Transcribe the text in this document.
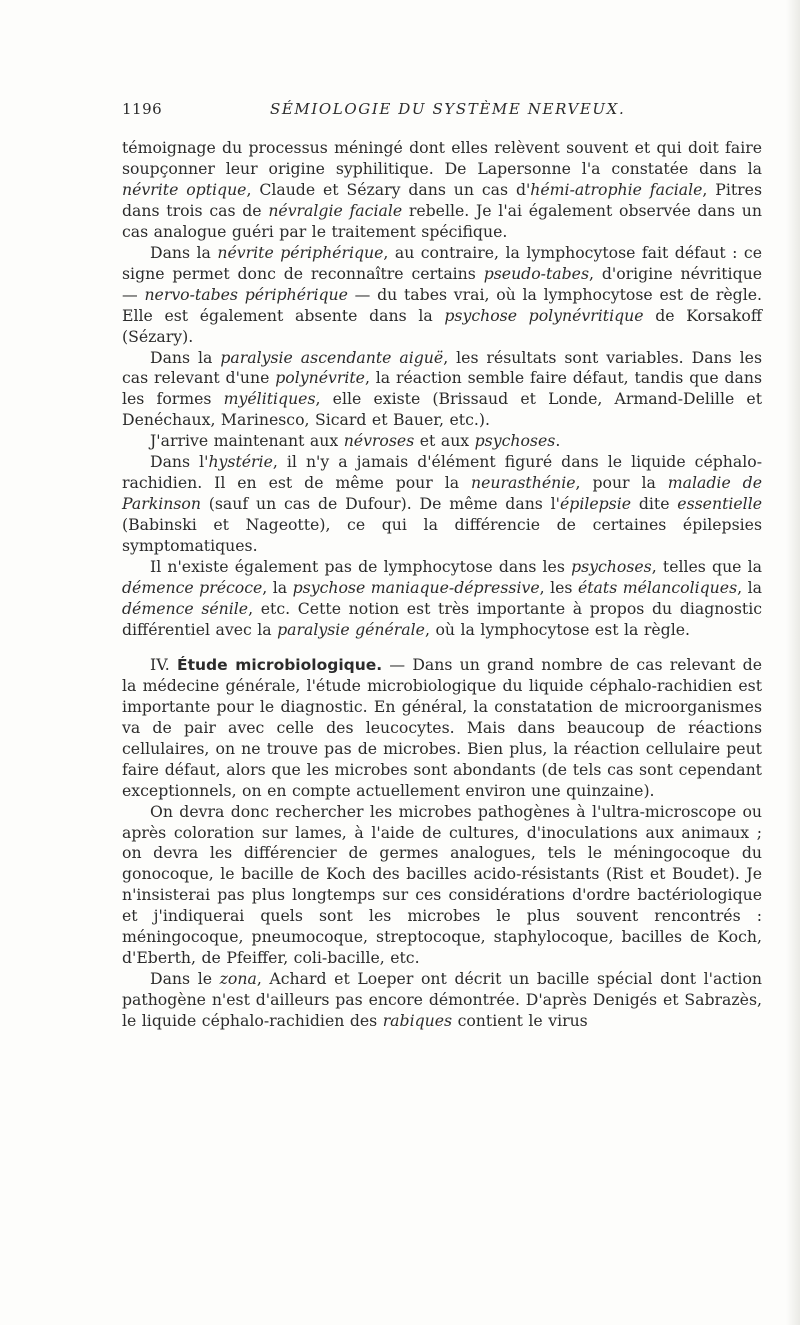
1196	SÉMIOLOGIE DU SYSTÈME NERVEUX.

témoignage du processus méningé dont elles relèvent souvent et qui doit faire soupçonner leur origine syphilitique. De Lapersonne l'a constatée dans la névrite optique, Claude et Sézary dans un cas d'hémi-atrophie faciale, Pitres dans trois cas de névralgie faciale rebelle. Je l'ai également observée dans un cas analogue guéri par le traitement spécifique.

Dans la névrite périphérique, au contraire, la lymphocytose fait défaut : ce signe permet donc de reconnaître certains pseudo-tabes, d'origine névritique — nervo-tabes périphérique — du tabes vrai, où la lymphocytose est de règle. Elle est également absente dans la psychose polynévritique de Korsakoff (Sézary).

Dans la paralysie ascendante aiguë, les résultats sont variables. Dans les cas relevant d'une polynévrite, la réaction semble faire défaut, tandis que dans les formes myélitiques, elle existe (Brissaud et Londe, Armand-Delille et Denéchaux, Marinesco, Sicard et Bauer, etc.).

J'arrive maintenant aux névroses et aux psychoses.

Dans l'hystérie, il n'y a jamais d'élément figuré dans le liquide céphalo-rachidien. Il en est de même pour la neurasthénie, pour la maladie de Parkinson (sauf un cas de Dufour). De même dans l'épilepsie dite essentielle (Babinski et Nageotte), ce qui la différencie de certaines épilepsies symptomatiques.

Il n'existe également pas de lymphocytose dans les psychoses, telles que la démence précoce, la psychose maniaque-dépressive, les états mélancoliques, la démence sénile, etc. Cette notion est très importante à propos du diagnostic différentiel avec la paralysie générale, où la lymphocytose est la règle.

IV. Étude microbiologique. — Dans un grand nombre de cas relevant de la médecine générale, l'étude microbiologique du liquide céphalo-rachidien est importante pour le diagnostic. En général, la constatation de microorganismes va de pair avec celle des leucocytes. Mais dans beaucoup de réactions cellulaires, on ne trouve pas de microbes. Bien plus, la réaction cellulaire peut faire défaut, alors que les microbes sont abondants (de tels cas sont cependant exceptionnels, on en compte actuellement environ une quinzaine).

On devra donc rechercher les microbes pathogènes à l'ultra-microscope ou après coloration sur lames, à l'aide de cultures, d'inoculations aux animaux ; on devra les différencier de germes analogues, tels le méningocoque du gonocoque, le bacille de Koch des bacilles acido-résistants (Rist et Boudet). Je n'insisterai pas plus longtemps sur ces considérations d'ordre bactériologique et j'indiquerai quels sont les microbes le plus souvent rencontrés : méningocoque, pneumocoque, streptocoque, staphylocoque, bacilles de Koch, d'Eberth, de Pfeiffer, coli-bacille, etc.

Dans le zona, Achard et Loeper ont décrit un bacille spécial dont l'action pathogène n'est d'ailleurs pas encore démontrée. D'après Denigés et Sabrazès, le liquide céphalo-rachidien des rabiques contient le virus
